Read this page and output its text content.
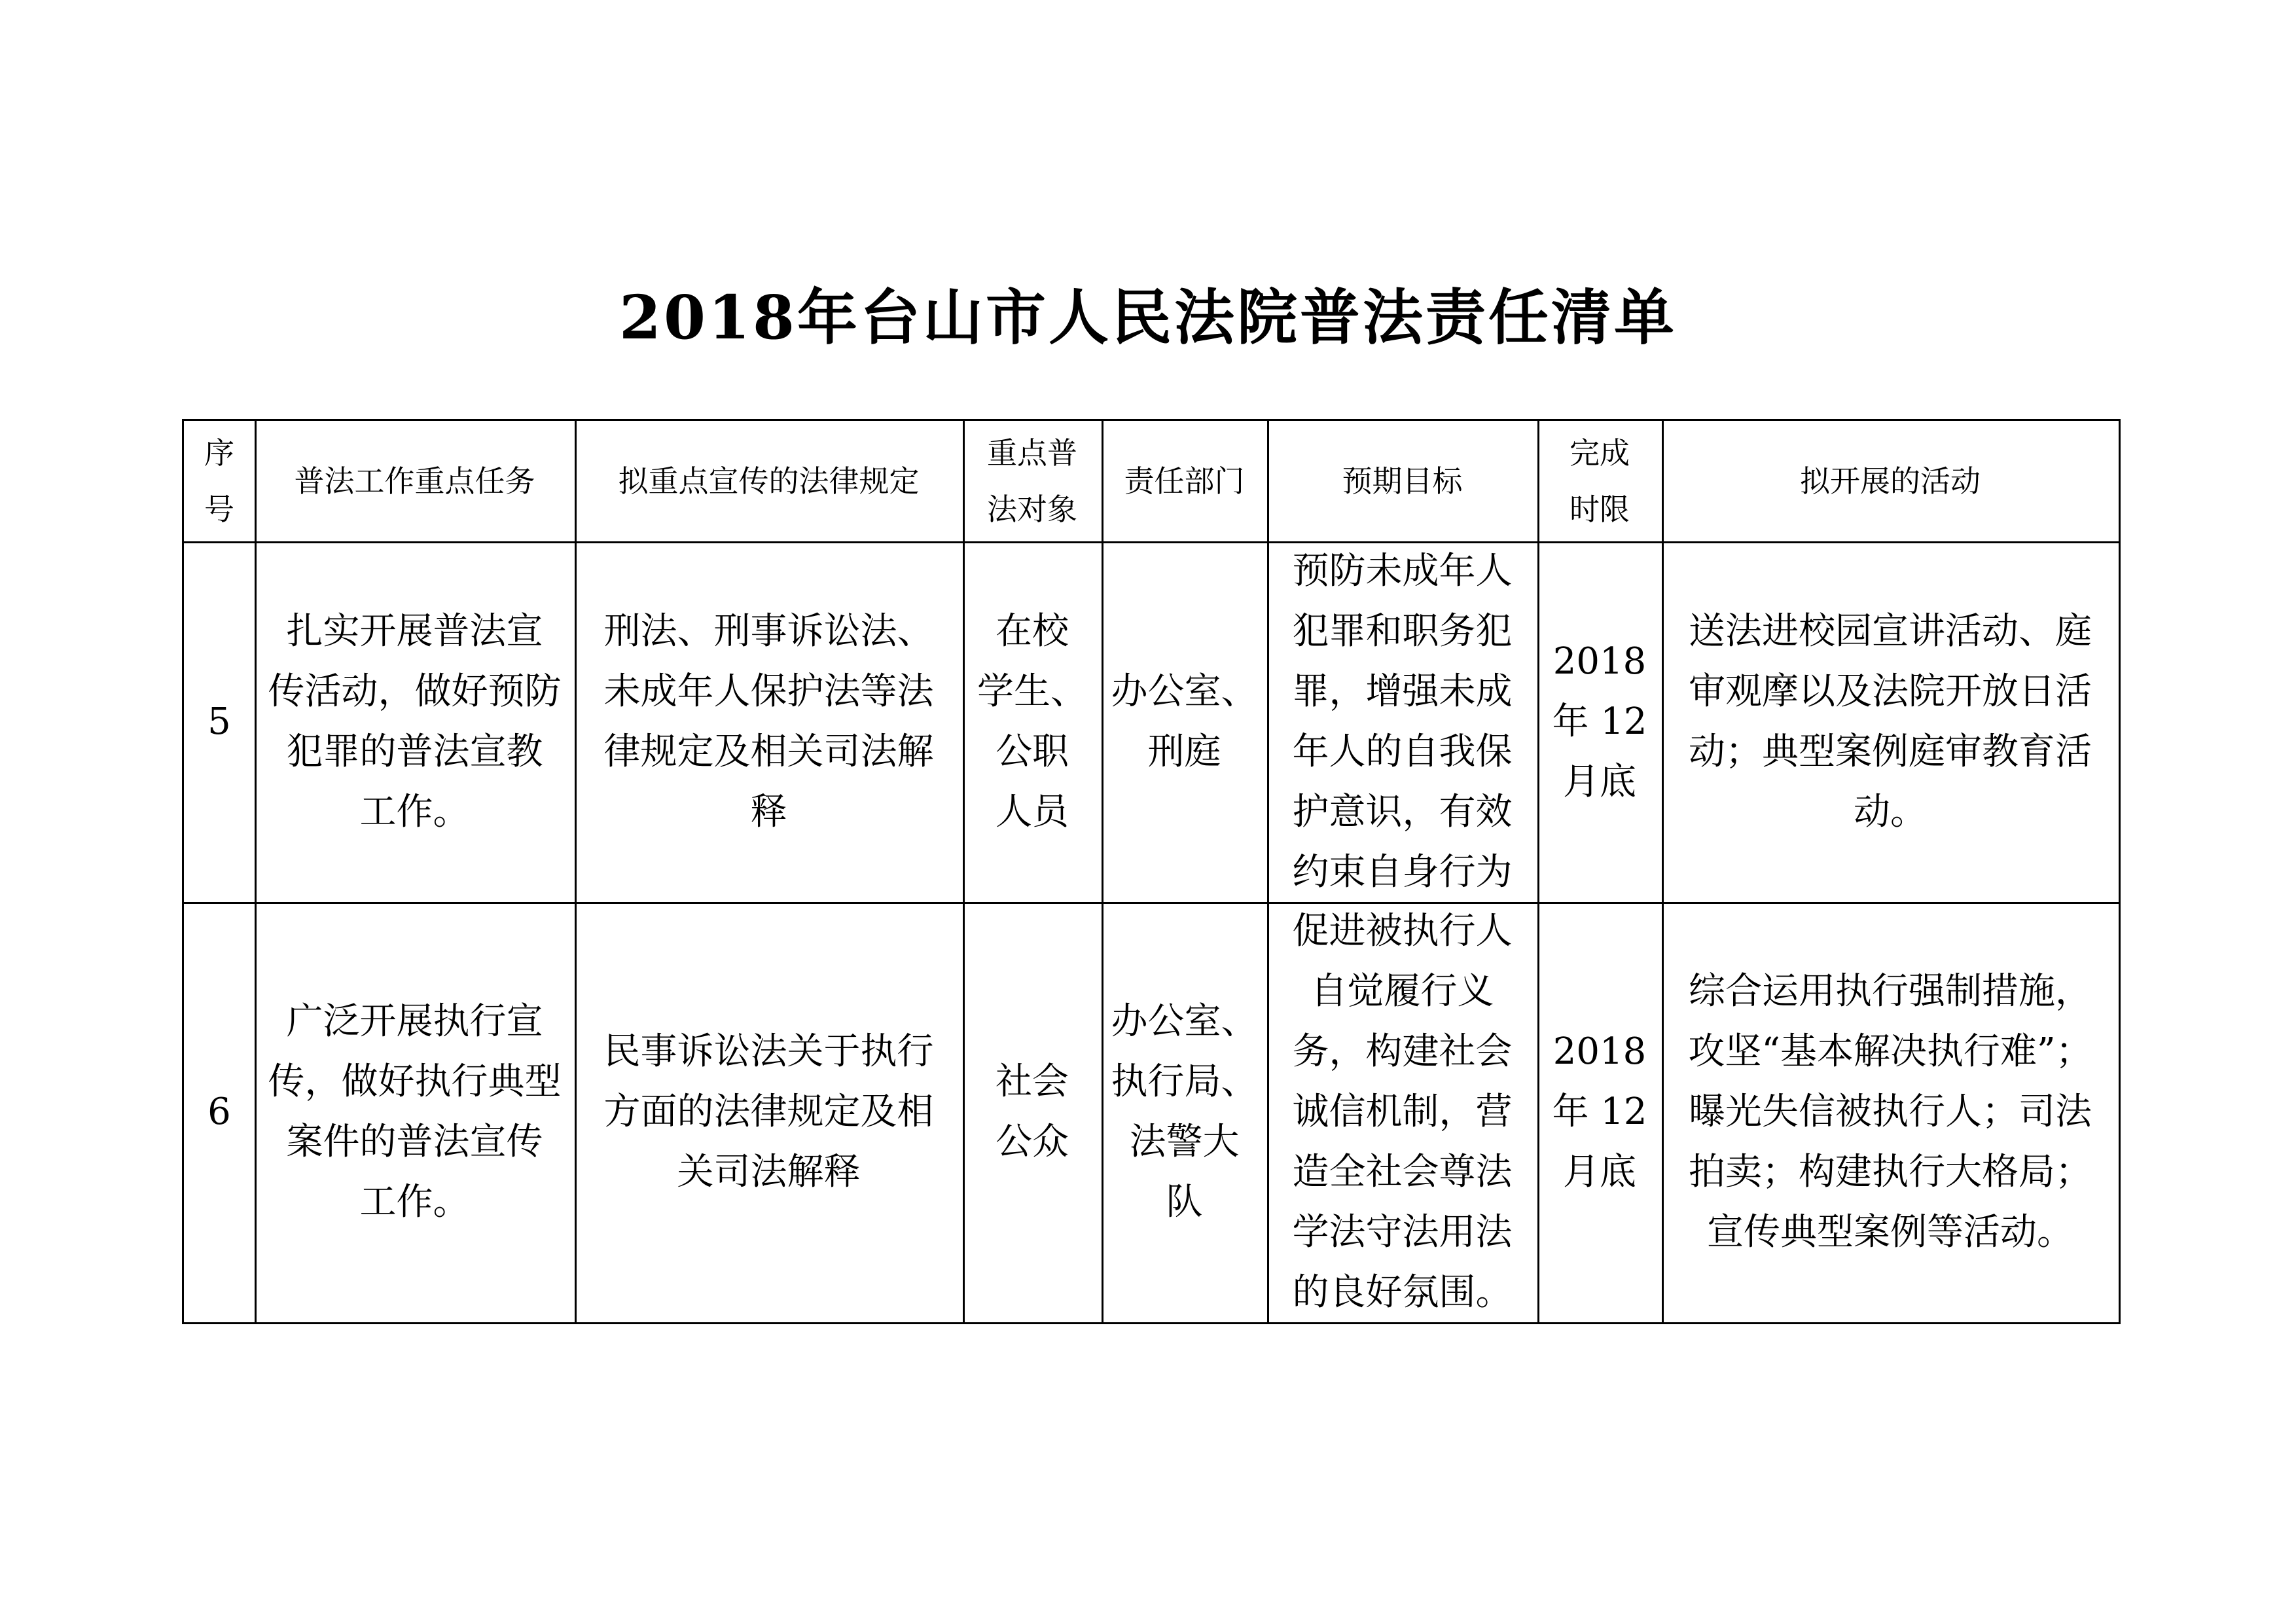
2018年台山市人民法院普法责任清单
序
号
普法工作重点任务	拟重点宣传的法律规定
重点普
法对象
责任部门	预期目标
完成
时限
拟开展的活动
5
扎实开展普法宣
传活动，做好预防
犯罪的普法宣教
工作。
刑法、刑事诉讼法、
未成年人保护法等法
律规定及相关司法解
释
在校
学生、
公职
人员
办公室、
刑庭
预防未成年人
犯罪和职务犯
罪，增强未成
年人的自我保
护意识，有效
约束自身行为
2018
年 12
月底
送法进校园宣讲活动、庭
审观摩以及法院开放日活
动；典型案例庭审教育活
动。
6
广泛开展执行宣
传，做好执行典型
案件的普法宣传
工作。
民事诉讼法关于执行
方面的法律规定及相
关司法解释
社会
公众
办公室、
执行局、
法警大
队
促进被执行人
自觉履行义
务，构建社会
诚信机制，营
造全社会尊法
学法守法用法
的良好氛围。
2018
年 12
月底
综合运用执行强制措施，
攻坚“基本解决执行难”；
曝光失信被执行人；司法
拍卖；构建执行大格局；
宣传典型案例等活动。
